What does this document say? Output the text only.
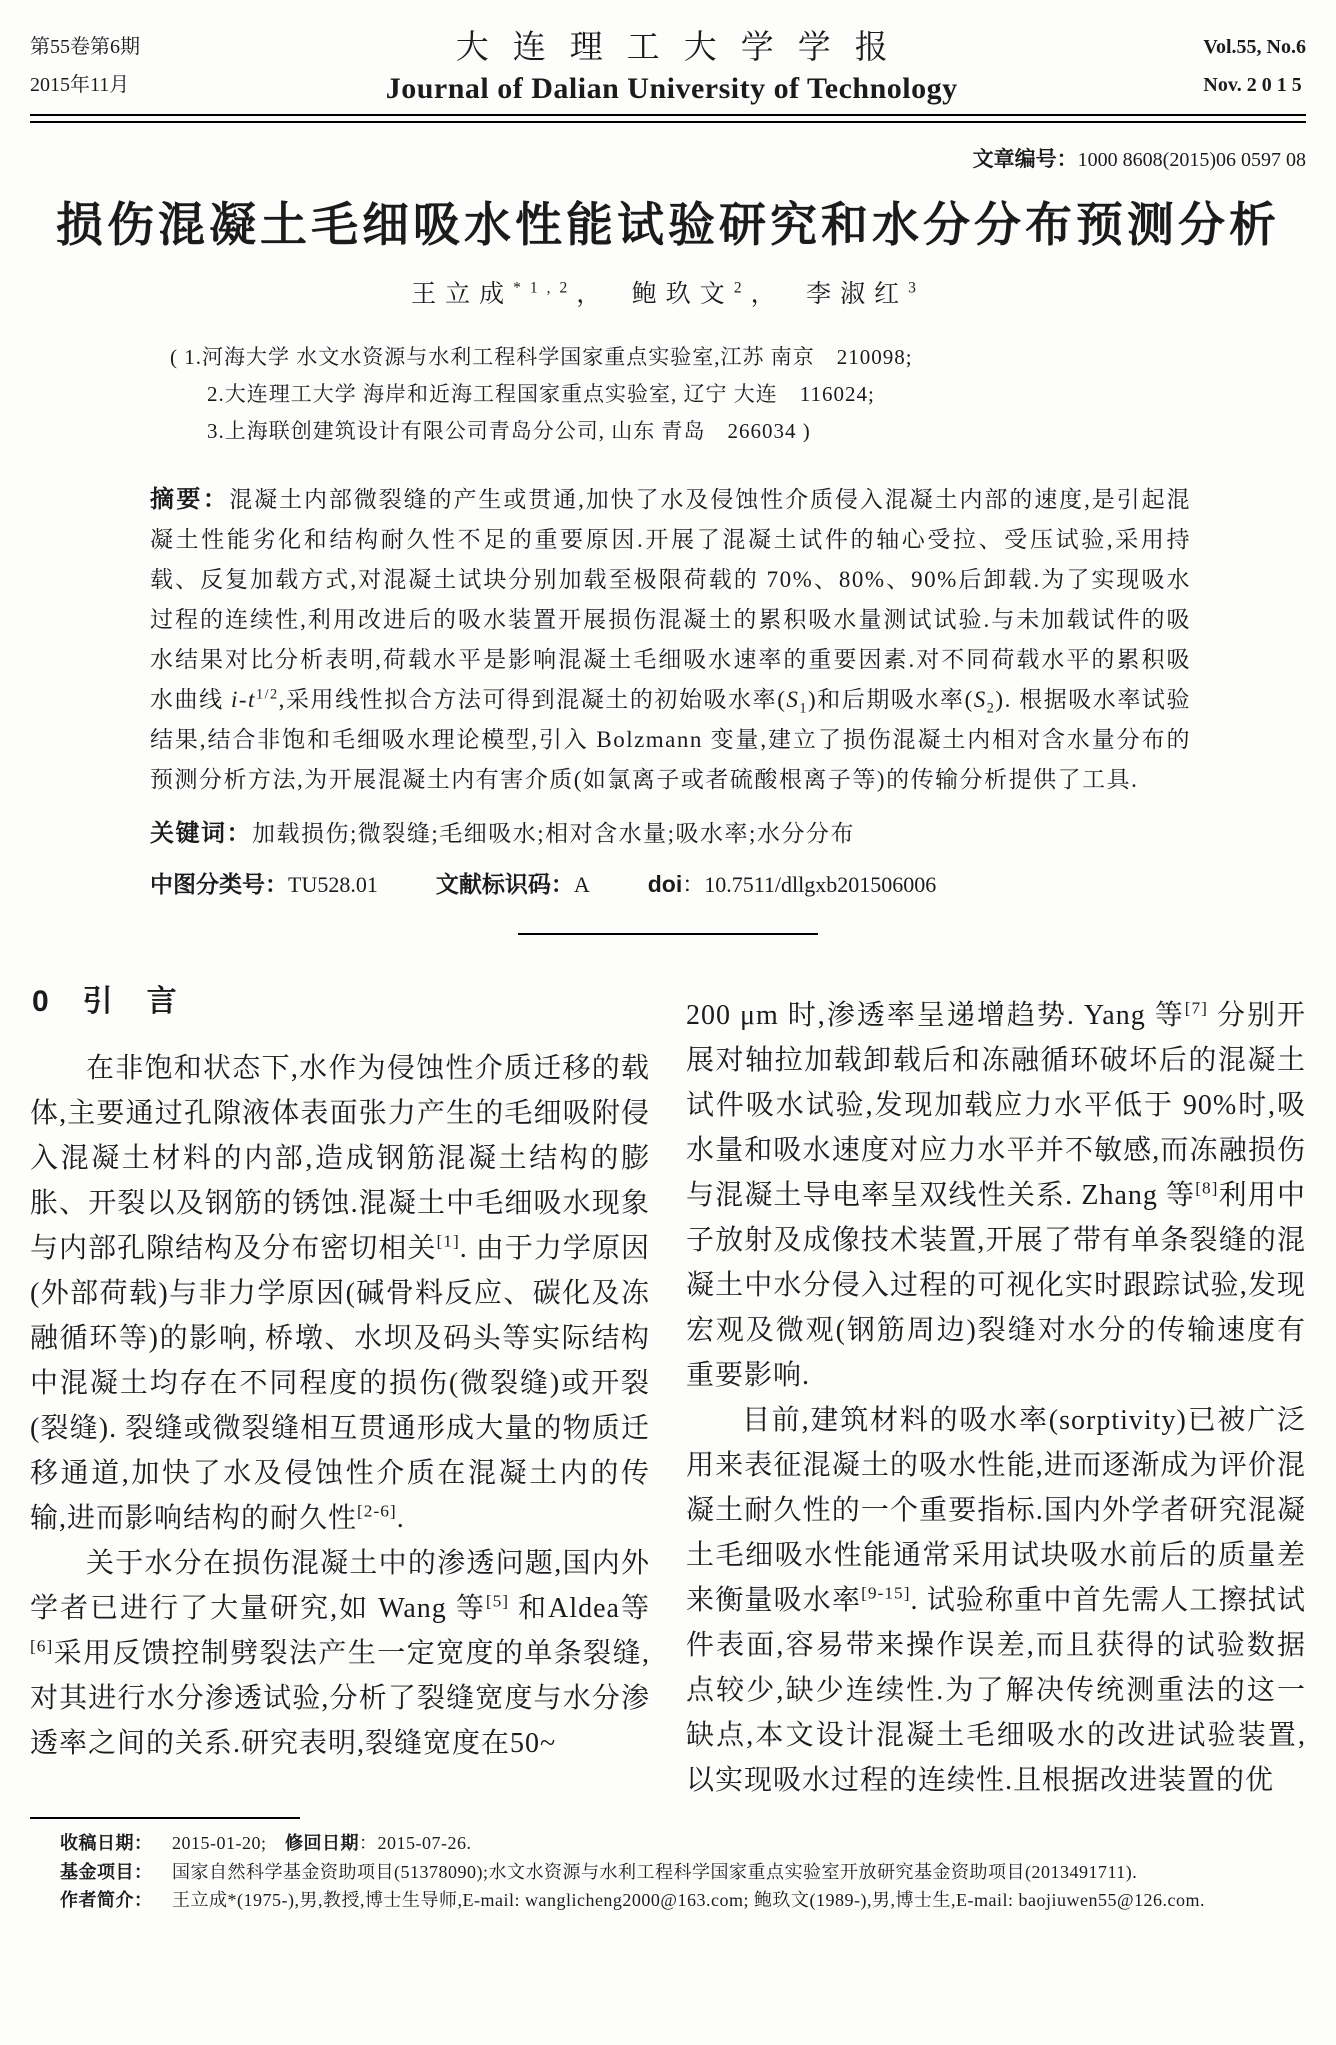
第55卷第6期
2015年11月
大连理工大学学报
Journal of Dalian University of Technology
Vol.55, No.6
Nov. 2 0 1 5
文章编号：1000 8608(2015)06 0597 08
损伤混凝土毛细吸水性能试验研究和水分分布预测分析
王立成$^{*1,2}$，　鲍玖文$^2$，　李淑红$^3$
( 1.河海大学 水文水资源与水利工程科学国家重点实验室,江苏 南京　210098;
2.大连理工大学 海岸和近海工程国家重点实验室, 辽宁 大连　116024;
3.上海联创建筑设计有限公司青岛分公司, 山东 青岛　266034 )
摘要：混凝土内部微裂缝的产生或贯通,加快了水及侵蚀性介质侵入混凝土内部的速度,是引起混凝土性能劣化和结构耐久性不足的重要原因.开展了混凝土试件的轴心受拉、受压试验,采用持载、反复加载方式,对混凝土试块分别加载至极限荷载的 70%、80%、90%后卸载.为了实现吸水过程的连续性,利用改进后的吸水装置开展损伤混凝土的累积吸水量测试试验.与未加载试件的吸水结果对比分析表明,荷载水平是影响混凝土毛细吸水速率的重要因素.对不同荷载水平的累积吸水曲线 $i-t^{1/2}$,采用线性拟合方法可得到混凝土的初始吸水率$(S_1)$和后期吸水率$(S_2)$. 根据吸水率试验结果,结合非饱和毛细吸水理论模型,引入 Bolzmann 变量,建立了损伤混凝土内相对含水量分布的预测分析方法,为开展混凝土内有害介质(如氯离子或者硫酸根离子等)的传输分析提供了工具.
关键词：加载损伤;微裂缝;毛细吸水;相对含水量;吸水率;水分分布
中图分类号：TU528.01	文献标识码：A	doi：10.7511/dllgxb201506006
0　引　言
在非饱和状态下,水作为侵蚀性介质迁移的载体,主要通过孔隙液体表面张力产生的毛细吸附侵入混凝土材料的内部,造成钢筋混凝土结构的膨胀、开裂以及钢筋的锈蚀.混凝土中毛细吸水现象与内部孔隙结构及分布密切相关[1]. 由于力学原因(外部荷载)与非力学原因(碱骨料反应、碳化及冻融循环等)的影响, 桥墩、水坝及码头等实际结构中混凝土均存在不同程度的损伤(微裂缝)或开裂(裂缝). 裂缝或微裂缝相互贯通形成大量的物质迁移通道,加快了水及侵蚀性介质在混凝土内的传输,进而影响结构的耐久性[2-6].
关于水分在损伤混凝土中的渗透问题,国内外学者已进行了大量研究,如 Wang 等[5] 和Aldea等[6]采用反馈控制劈裂法产生一定宽度的单条裂缝,对其进行水分渗透试验,分析了裂缝宽度与水分渗透率之间的关系.研究表明,裂缝宽度在50~
200 μm 时,渗透率呈递增趋势. Yang 等[7] 分别开展对轴拉加载卸载后和冻融循环破坏后的混凝土试件吸水试验,发现加载应力水平低于 90%时,吸水量和吸水速度对应力水平并不敏感,而冻融损伤与混凝土导电率呈双线性关系. Zhang 等[8]利用中子放射及成像技术装置,开展了带有单条裂缝的混凝土中水分侵入过程的可视化实时跟踪试验,发现宏观及微观(钢筋周边)裂缝对水分的传输速度有重要影响.
目前,建筑材料的吸水率(sorptivity)已被广泛用来表征混凝土的吸水性能,进而逐渐成为评价混凝土耐久性的一个重要指标.国内外学者研究混凝土毛细吸水性能通常采用试块吸水前后的质量差来衡量吸水率[9-15]. 试验称重中首先需人工擦拭试件表面,容易带来操作误差,而且获得的试验数据点较少,缺少连续性.为了解决传统测重法的这一缺点,本文设计混凝土毛细吸水的改进试验装置,以实现吸水过程的连续性.且根据改进装置的优
收稿日期：	2015-01-20;　修回日期：2015-07-26.
基金项目：	国家自然科学基金资助项目(51378090);水文水资源与水利工程科学国家重点实验室开放研究基金资助项目(2013491711).
作者简介：	王立成*(1975-),男,教授,博士生导师,E-mail: wanglicheng2000@163.com; 鲍玖文(1989-),男,博士生,E-mail: baojiuwen55@126.com.
